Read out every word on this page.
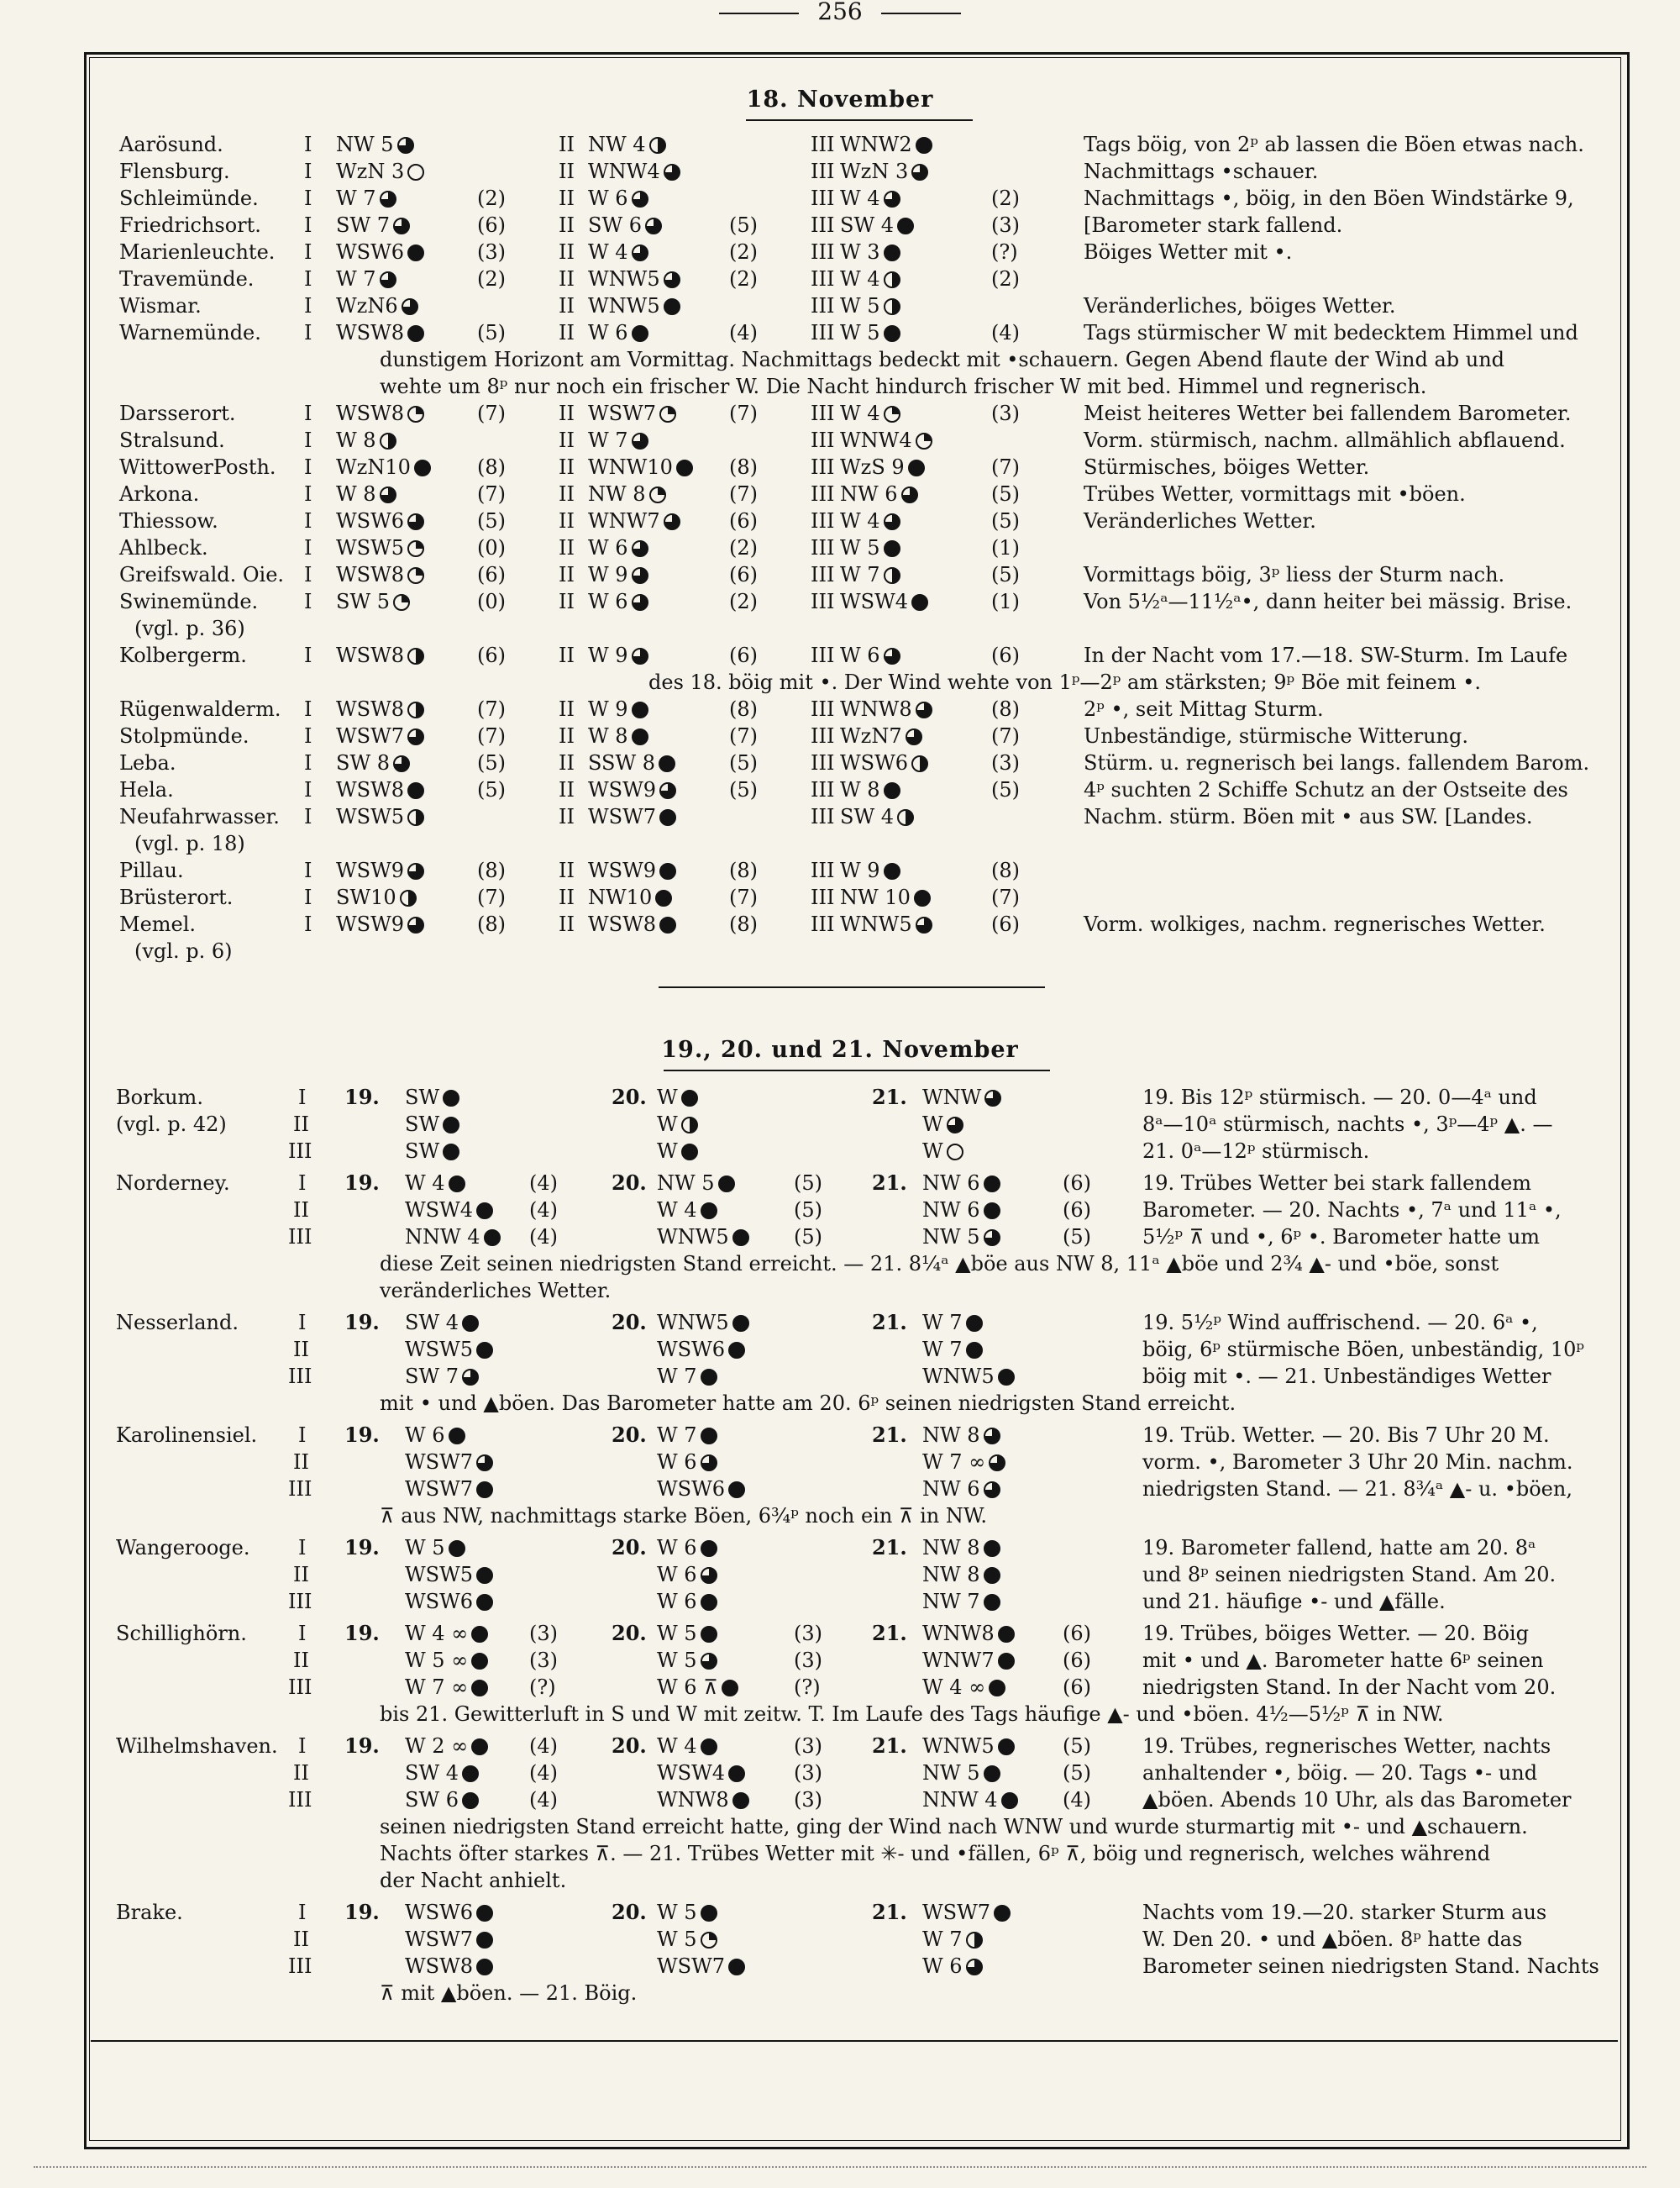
256
18. November
Aarösund.	I NW 5	II NW 4	III WNW2	Tags böig, von 2ᵖ ab lassen die Böen etwas nach.
Flensburg.	I WzN 3	II WNW4	III WzN 3	Nachmittags •schauer.
Schleimünde. I W 7	(2)	II W 6	III W 4	(2)	Nachmittags •, böig, in den Böen Windstärke 9,
Friedrichsort. I SW 7	(6)	II SW 6	(5)	III SW 4	(3)	[Barometer stark fallend.
Marienleuchte. I WSW6	(3)	II W 4	(2)	III W 3	(?)	Böiges Wetter mit •.
Travemünde. I W 7	(2)	II WNW5	(2)	III W 4	(2)
Wismar.	I WzN6	II WNW5	III W 5	Veränderliches, böiges Wetter.
Warnemünde. I WSW8	(5)	II W 6	(4)	III W 5	(4)	Tags stürmischer W mit bedecktem Himmel und
dunstigem Horizont am Vormittag. Nachmittags bedeckt mit •schauern. Gegen Abend flaute der Wind ab und
wehte um 8ᵖ nur noch ein frischer W. Die Nacht hindurch frischer W mit bed. Himmel und regnerisch.
Darsserort.	I WSW8	(7)	II WSW7	(7)	III W 4	(3)	Meist heiteres Wetter bei fallendem Barometer.
Stralsund.	I W 8	II W 7	III WNW4	Vorm. stürmisch, nachm. allmählich abflauend.
WittowerPosth. I WzN10	(8)	II WNW10	(8)	III WzS 9	(7)	Stürmisches, böiges Wetter.
Arkona.	I W 8	(7)	II NW 8	(7)	III NW 6	(5)	Trübes Wetter, vormittags mit •böen.
Thiessow.	I WSW6	(5)	II WNW7	(6)	III W 4	(5)	Veränderliches Wetter.
Ahlbeck.	I WSW5	(0)	II W 6	(2)	III W 5	(1)
Greifswald. Oie. I WSW8	(6)	II W 9	(6)	III W 7	(5)	Vormittags böig, 3ᵖ liess der Sturm nach.
Swinemünde. I SW 5	(0)	II W 6	(2)	III WSW4	(1)	Von 5½ᵃ—11½ᵃ•, dann heiter bei mässig. Brise.
(vgl. p. 36)
Kolbergerm.	I WSW8	(6)	II W 9	(6)	III W 6	(6)	In der Nacht vom 17.—18. SW-Sturm. Im Laufe
des 18. böig mit •. Der Wind wehte von 1ᵖ—2ᵖ am stärksten; 9ᵖ Böe mit feinem •.
Rügenwalderm. I WSW8	(7)	II W 9	(8)	III WNW8	(8)	2ᵖ •, seit Mittag Sturm.
Stolpmünde.	I WSW7	(7)	II W 8	(7)	III WzN7	(7)	Unbeständige, stürmische Witterung.
Leba.	I SW 8	(5)	II SSW 8	(5)	III WSW6	(3)	Stürm. u. regnerisch bei langs. fallendem Barom.
Hela.	I WSW8	(5)	II WSW9	(5)	III W 8	(5)	4ᵖ suchten 2 Schiffe Schutz an der Ostseite des
Neufahrwasser. I WSW5	II WSW7	III SW 4	Nachm. stürm. Böen mit • aus SW. [Landes.
(vgl. p. 18)
Pillau.	I WSW9	(8)	II WSW9	(8)	III W 9	(8)
Brüsterort.	I SW10	(7)	II NW10	(7)	III NW 10	(7)
Memel.	I WSW9	(8)	II WSW8	(8)	III WNW5	(6)	Vorm. wolkiges, nachm. regnerisches Wetter.
(vgl. p. 6)
19., 20. und 21. November
Borkum.	I 19. SW	20. W	21. WNW	19. Bis 12ᵖ stürmisch. — 20. 0—4ᵃ und
(vgl. p. 42)	II	SW	W	W	8ᵃ—10ᵃ stürmisch, nachts •, 3ᵖ—4ᵖ ▲. —
III	SW	W	W	21. 0ᵃ—12ᵖ stürmisch.
Norderney.	I 19. W 4	(4)	20. NW 5	(5) 21. NW 6	(6)	19. Trübes Wetter bei stark fallendem
II	WSW4	(4)	W 4	(5)	NW 6	(6)	Barometer. — 20. Nachts •, 7ᵃ und 11ᵃ •,
III	NNW 4	(4)	WNW5	(5)	NW 5	(5)	5½ᵖ ⊼ und •, 6ᵖ •. Barometer hatte um
diese Zeit seinen niedrigsten Stand erreicht. — 21. 8¼ᵃ ▲böe aus NW 8, 11ᵃ ▲böe und 2¾ ▲- und •böe, sonst
veränderliches Wetter.
Nesserland.	I 19. SW 4	20. WNW5	21. W 7	19. 5½ᵖ Wind auffrischend. — 20. 6ᵃ •,
II	WSW5	WSW6	W 7	böig, 6ᵖ stürmische Böen, unbeständig, 10ᵖ
III	SW 7	W 7	WNW5	böig mit •. — 21. Unbeständiges Wetter
mit • und ▲böen. Das Barometer hatte am 20. 6ᵖ seinen niedrigsten Stand erreicht.
Karolinensiel. I 19. W 6	20. W 7	21. NW 8	19. Trüb. Wetter. — 20. Bis 7 Uhr 20 M.
II	WSW7	W 6	W 7 ∞	vorm. •, Barometer 3 Uhr 20 Min. nachm.
III	WSW7	WSW6	NW 6	niedrigsten Stand. — 21. 8¾ᵃ ▲- u. •böen,
⊼ aus NW, nachmittags starke Böen, 6¾ᵖ noch ein ⊼ in NW.
Wangerooge. I 19. W 5	20. W 6	21. NW 8	19. Barometer fallend, hatte am 20. 8ᵃ
II	WSW5	W 6	NW 8	und 8ᵖ seinen niedrigsten Stand. Am 20.
III	WSW6	W 6	NW 7	und 21. häufige •- und ▲fälle.
Schillighörn.	I 19. W 4 ∞	(3)	20. W 5	(3) 21. WNW8	(6)	19. Trübes, böiges Wetter. — 20. Böig
II	W 5 ∞	(3)	W 5	(3)	WNW7	(6)	mit • und ▲. Barometer hatte 6ᵖ seinen
III	W 7 ∞	(?)	W 6 ⊼	(?)	W 4 ∞	(6)	niedrigsten Stand. In der Nacht vom 20.
bis 21. Gewitterluft in S und W mit zeitw. T. Im Laufe des Tags häufige ▲- und •böen. 4½—5½ᵖ ⊼ in NW.
Wilhelmshaven. I 19. W 2 ∞	(4)	20. W 4	(3) 21. WNW5	(5)	19. Trübes, regnerisches Wetter, nachts
II	SW 4	(4)	WSW4	(3)	NW 5	(5)	anhaltender •, böig. — 20. Tags •- und
III	SW 6	(4)	WNW8	(3)	NNW 4	(4)	▲böen. Abends 10 Uhr, als das Barometer
seinen niedrigsten Stand erreicht hatte, ging der Wind nach WNW und wurde sturmartig mit •- und ▲schauern.
Nachts öfter starkes ⊼. — 21. Trübes Wetter mit ✳- und •fällen, 6ᵖ ⊼, böig und regnerisch, welches während
der Nacht anhielt.
Brake.	I 19. WSW6	20. W 5	21. WSW7	Nachts vom 19.—20. starker Sturm aus
II	WSW7	W 5	W 7	W. Den 20. • und ▲böen. 8ᵖ hatte das
III	WSW8	WSW7	W 6	Barometer seinen niedrigsten Stand. Nachts
⊼ mit ▲böen. — 21. Böig.
